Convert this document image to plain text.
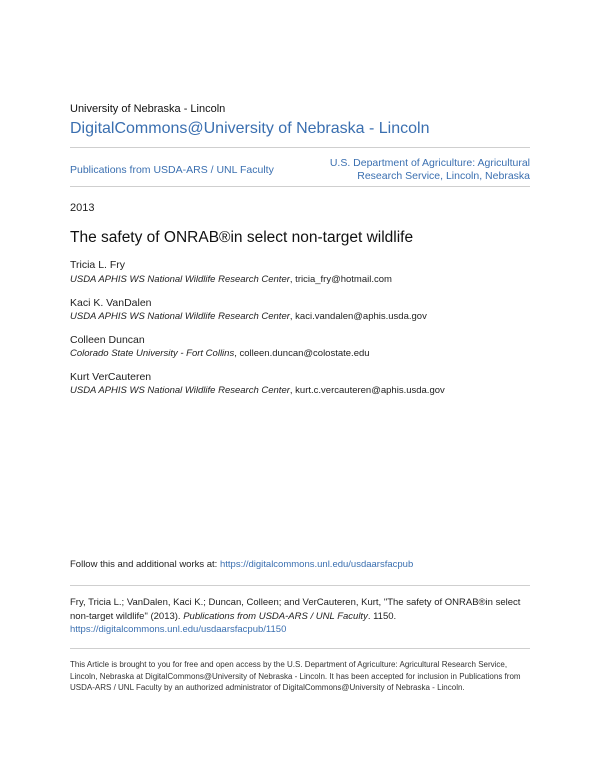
University of Nebraska - Lincoln
DigitalCommons@University of Nebraska - Lincoln
Publications from USDA-ARS / UNL Faculty
U.S. Department of Agriculture: Agricultural
Research Service, Lincoln, Nebraska
2013
The safety of ONRAB®in select non-target wildlife
Tricia L. Fry
USDA APHIS WS National Wildlife Research Center, tricia_fry@hotmail.com
Kaci K. VanDalen
USDA APHIS WS National Wildlife Research Center, kaci.vandalen@aphis.usda.gov
Colleen Duncan
Colorado State University - Fort Collins, colleen.duncan@colostate.edu
Kurt VerCauteren
USDA APHIS WS National Wildlife Research Center, kurt.c.vercauteren@aphis.usda.gov
Follow this and additional works at: https://digitalcommons.unl.edu/usdaarsfacpub
Fry, Tricia L.; VanDalen, Kaci K.; Duncan, Colleen; and VerCauteren, Kurt, "The safety of ONRAB®in select non-target wildlife" (2013). Publications from USDA-ARS / UNL Faculty. 1150.
https://digitalcommons.unl.edu/usdaarsfacpub/1150
This Article is brought to you for free and open access by the U.S. Department of Agriculture: Agricultural Research Service, Lincoln, Nebraska at DigitalCommons@University of Nebraska - Lincoln. It has been accepted for inclusion in Publications from USDA-ARS / UNL Faculty by an authorized administrator of DigitalCommons@University of Nebraska - Lincoln.
